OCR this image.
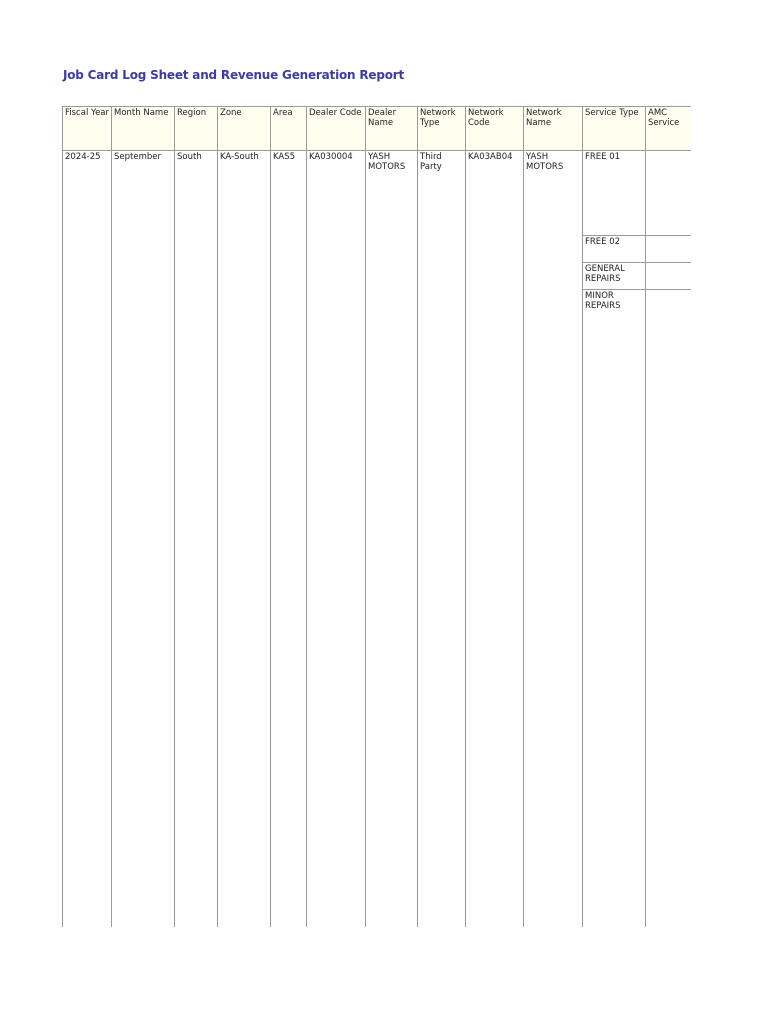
Job Card Log Sheet and Revenue Generation Report
Fiscal Year	Month Name	Region	Zone	Area	Dealer Code	Dealer Name	Network Type	Network Code	Network Name	Service Type	AMC Service
2024-25	September	South	KA-South	KAS5	KA030004	YASH MOTORS	Third Party	KA03AB04	YASH MOTORS	FREE 01	
										FREE 02	
										GENERAL REPAIRS	
										MINOR REPAIRS	
